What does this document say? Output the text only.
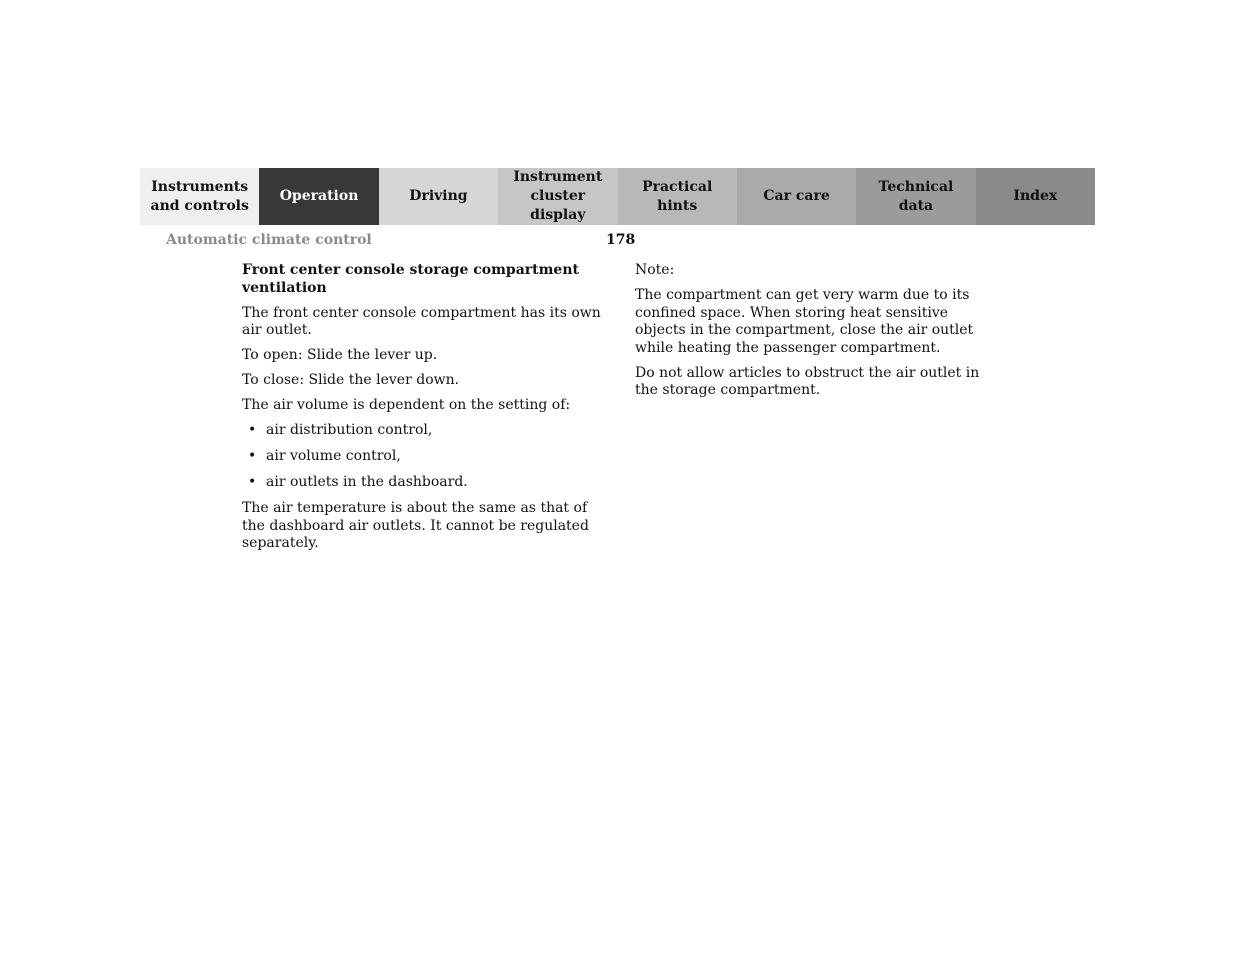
Instruments
and controls
Operation	Driving
Instrument
cluster display
Practical hints
Car care
Technical
data
Index
Automatic climate control	178

Front center console storage compartment ventilation

The front center console compartment has its own air outlet.

To open: Slide the lever up.

To close: Slide the lever down.

The air volume is dependent on the setting of:

• air distribution control,
• air volume control,
• air outlets in the dashboard.

The air temperature is about the same as that of the dashboard air outlets. It cannot be regulated separately.

Note:

The compartment can get very warm due to its confined space. When storing heat sensitive objects in the compartment, close the air outlet while heating the passenger compartment.

Do not allow articles to obstruct the air outlet in the storage compartment.
